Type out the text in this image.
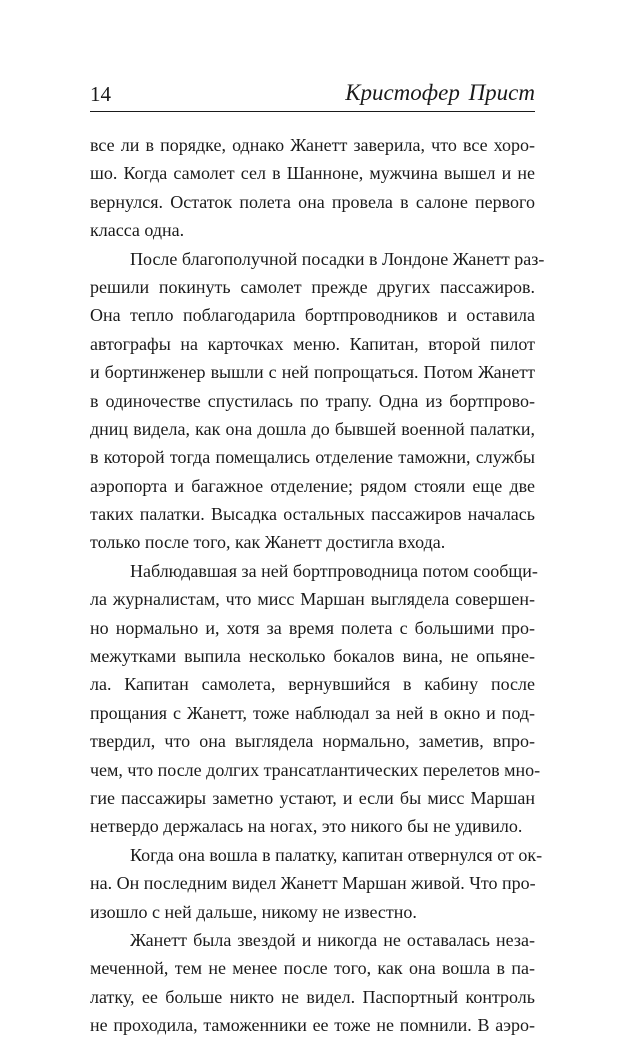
14	Кристофер Прист
все ли в порядке, однако Жанетт заверила, что все хоро-
шо. Когда самолет сел в Шанноне, мужчина вышел и не
вернулся. Остаток полета она провела в салоне первого
класса одна.
После благополучной посадки в Лондоне Жанетт раз-
решили покинуть самолет прежде других пассажиров.
Она тепло поблагодарила бортпроводников и оставила
автографы на карточках меню. Капитан, второй пилот
и бортинженер вышли с ней попрощаться. Потом Жанетт
в одиночестве спустилась по трапу. Одна из бортпрово-
дниц видела, как она дошла до бывшей военной палатки,
в которой тогда помещались отделение таможни, службы
аэропорта и багажное отделение; рядом стояли еще две
таких палатки. Высадка остальных пассажиров началась
только после того, как Жанетт достигла входа.
Наблюдавшая за ней бортпроводница потом сообщи-
ла журналистам, что мисс Маршан выглядела совершен-
но нормально и, хотя за время полета с большими про-
межутками выпила несколько бокалов вина, не опьяне-
ла. Капитан самолета, вернувшийся в кабину после
прощания с Жанетт, тоже наблюдал за ней в окно и под-
твердил, что она выглядела нормально, заметив, впро-
чем, что после долгих трансатлантических перелетов мно-
гие пассажиры заметно устают, и если бы мисс Маршан
нетвердо держалась на ногах, это никого бы не удивило.
Когда она вошла в палатку, капитан отвернулся от ок-
на. Он последним видел Жанетт Маршан живой. Что про-
изошло с ней дальше, никому не известно.
Жанетт была звездой и никогда не оставалась неза-
меченной, тем не менее после того, как она вошла в па-
латку, ее больше никто не видел. Паспортный контроль
не проходила, таможенники ее тоже не помнили. В аэро-
